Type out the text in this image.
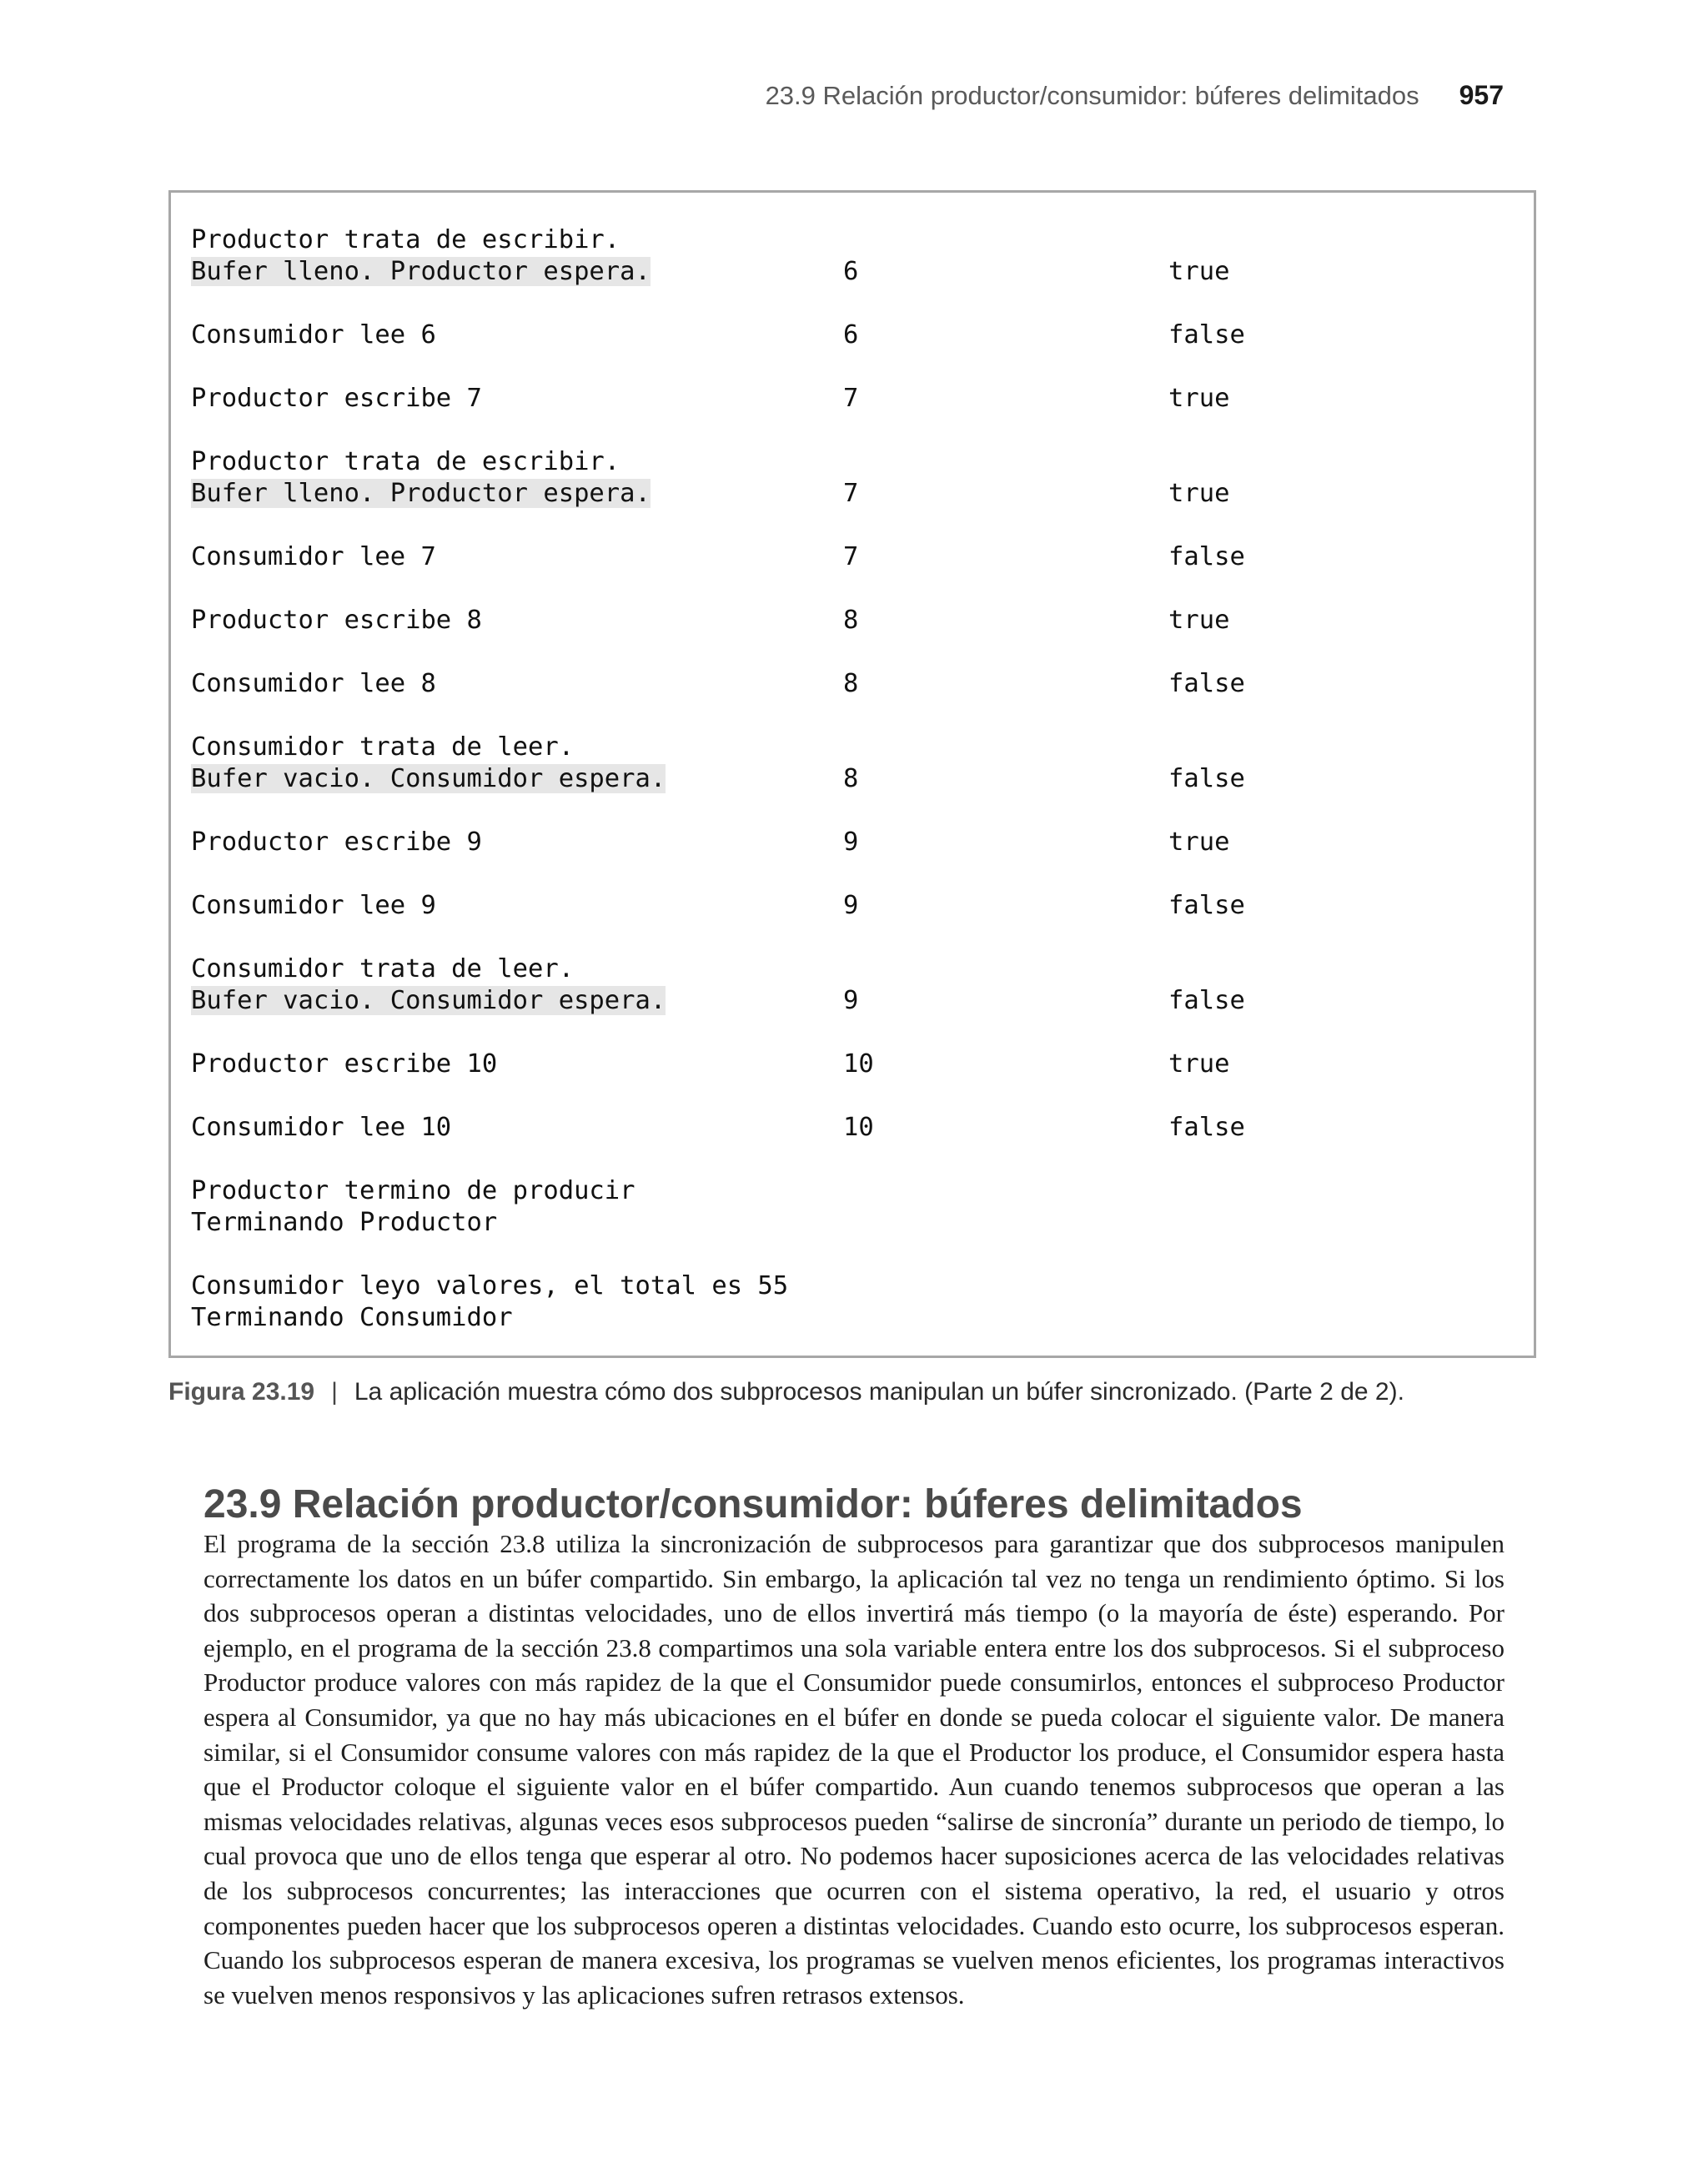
23.9 Relación productor/consumidor: búferes delimitados 957
Productor trata de escribir.
Bufer lleno. Productor espera.	6	true
Consumidor lee 6	6	false
Productor escribe 7	7	true
Productor trata de escribir.
Bufer lleno. Productor espera.	7	true
Consumidor lee 7	7	false
Productor escribe 8	8	true
Consumidor lee 8	8	false
Consumidor trata de leer.
Bufer vacio. Consumidor espera.	8	false
Productor escribe 9	9	true
Consumidor lee 9	9	false
Consumidor trata de leer.
Bufer vacio. Consumidor espera.	9	false
Productor escribe 10	10	true
Consumidor lee 10	10	false
Productor termino de producir
Terminando Productor
Consumidor leyo valores, el total es 55
Terminando Consumidor
Figura 23.19 | La aplicación muestra cómo dos subprocesos manipulan un búfer sincronizado. (Parte 2 de 2).
23.9 Relación productor/consumidor: búferes delimitados

El programa de la sección 23.8 utiliza la sincronización de subprocesos para garantizar que dos subprocesos manipulen correctamente los datos en un búfer compartido. Sin embargo, la aplicación tal vez no tenga un rendimiento óptimo. Si los dos subprocesos operan a distintas velocidades, uno de ellos invertirá más tiempo (o la mayoría de éste) esperando. Por ejemplo, en el programa de la sección 23.8 compartimos una sola variable entera entre los dos subprocesos. Si el subproceso Productor produce valores con más rapidez de la que el Consumidor puede consumirlos, entonces el subproceso Productor espera al Consumidor, ya que no hay más ubicaciones en el búfer en donde se pueda colocar el siguiente valor. De manera similar, si el Consumidor consume valores con más rapidez de la que el Productor los produce, el Consumidor espera hasta que el Productor coloque el siguiente valor en el búfer compartido. Aun cuando tenemos subprocesos que operan a las mismas velocidades relativas, algunas veces esos subprocesos pueden “salirse de sincronía” durante un periodo de tiempo, lo cual provoca que uno de ellos tenga que esperar al otro. No podemos hacer suposiciones acerca de las velocidades relativas de los subprocesos concurrentes; las interacciones que ocurren con el sistema operativo, la red, el usuario y otros componentes pueden hacer que los subprocesos operen a distintas velocidades. Cuando esto ocurre, los subprocesos esperan. Cuando los subprocesos esperan de manera excesiva, los programas se vuelven menos eficientes, los programas interactivos se vuelven menos responsivos y las aplicaciones sufren retrasos extensos.
